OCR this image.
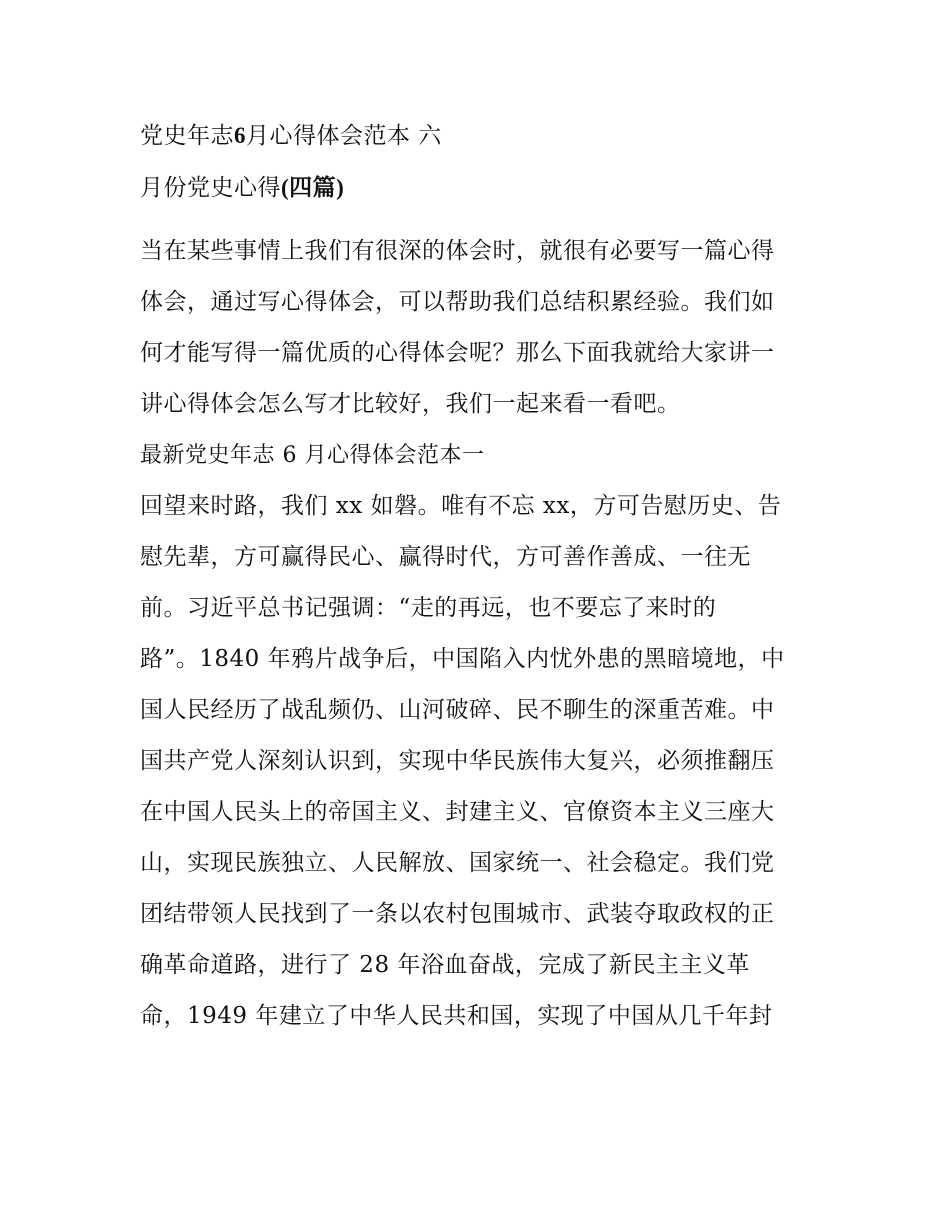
党史年志6月心得体会范本 六
月份党史心得(四篇)
当在某些事情上我们有很深的体会时，就很有必要写一篇心得
体会，通过写心得体会，可以帮助我们总结积累经验。我们如
何才能写得一篇优质的心得体会呢？那么下面我就给大家讲一
讲心得体会怎么写才比较好，我们一起来看一看吧。
最新党史年志 6 月心得体会范本一
回望来时路，我们 xx 如磐。唯有不忘 xx，方可告慰历史、告
慰先辈，方可赢得民心、赢得时代，方可善作善成、一往无
前。习近平总书记强调：“走的再远，也不要忘了来时的
路”。1840 年鸦片战争后，中国陷入内忧外患的黑暗境地，中
国人民经历了战乱频仍、山河破碎、民不聊生的深重苦难。中
国共产党人深刻认识到，实现中华民族伟大复兴，必须推翻压
在中国人民头上的帝国主义、封建主义、官僚资本主义三座大
山，实现民族独立、人民解放、国家统一、社会稳定。我们党
团结带领人民找到了一条以农村包围城市、武装夺取政权的正
确革命道路，进行了 28 年浴血奋战，完成了新民主主义革
命，1949 年建立了中华人民共和国，实现了中国从几千年封
